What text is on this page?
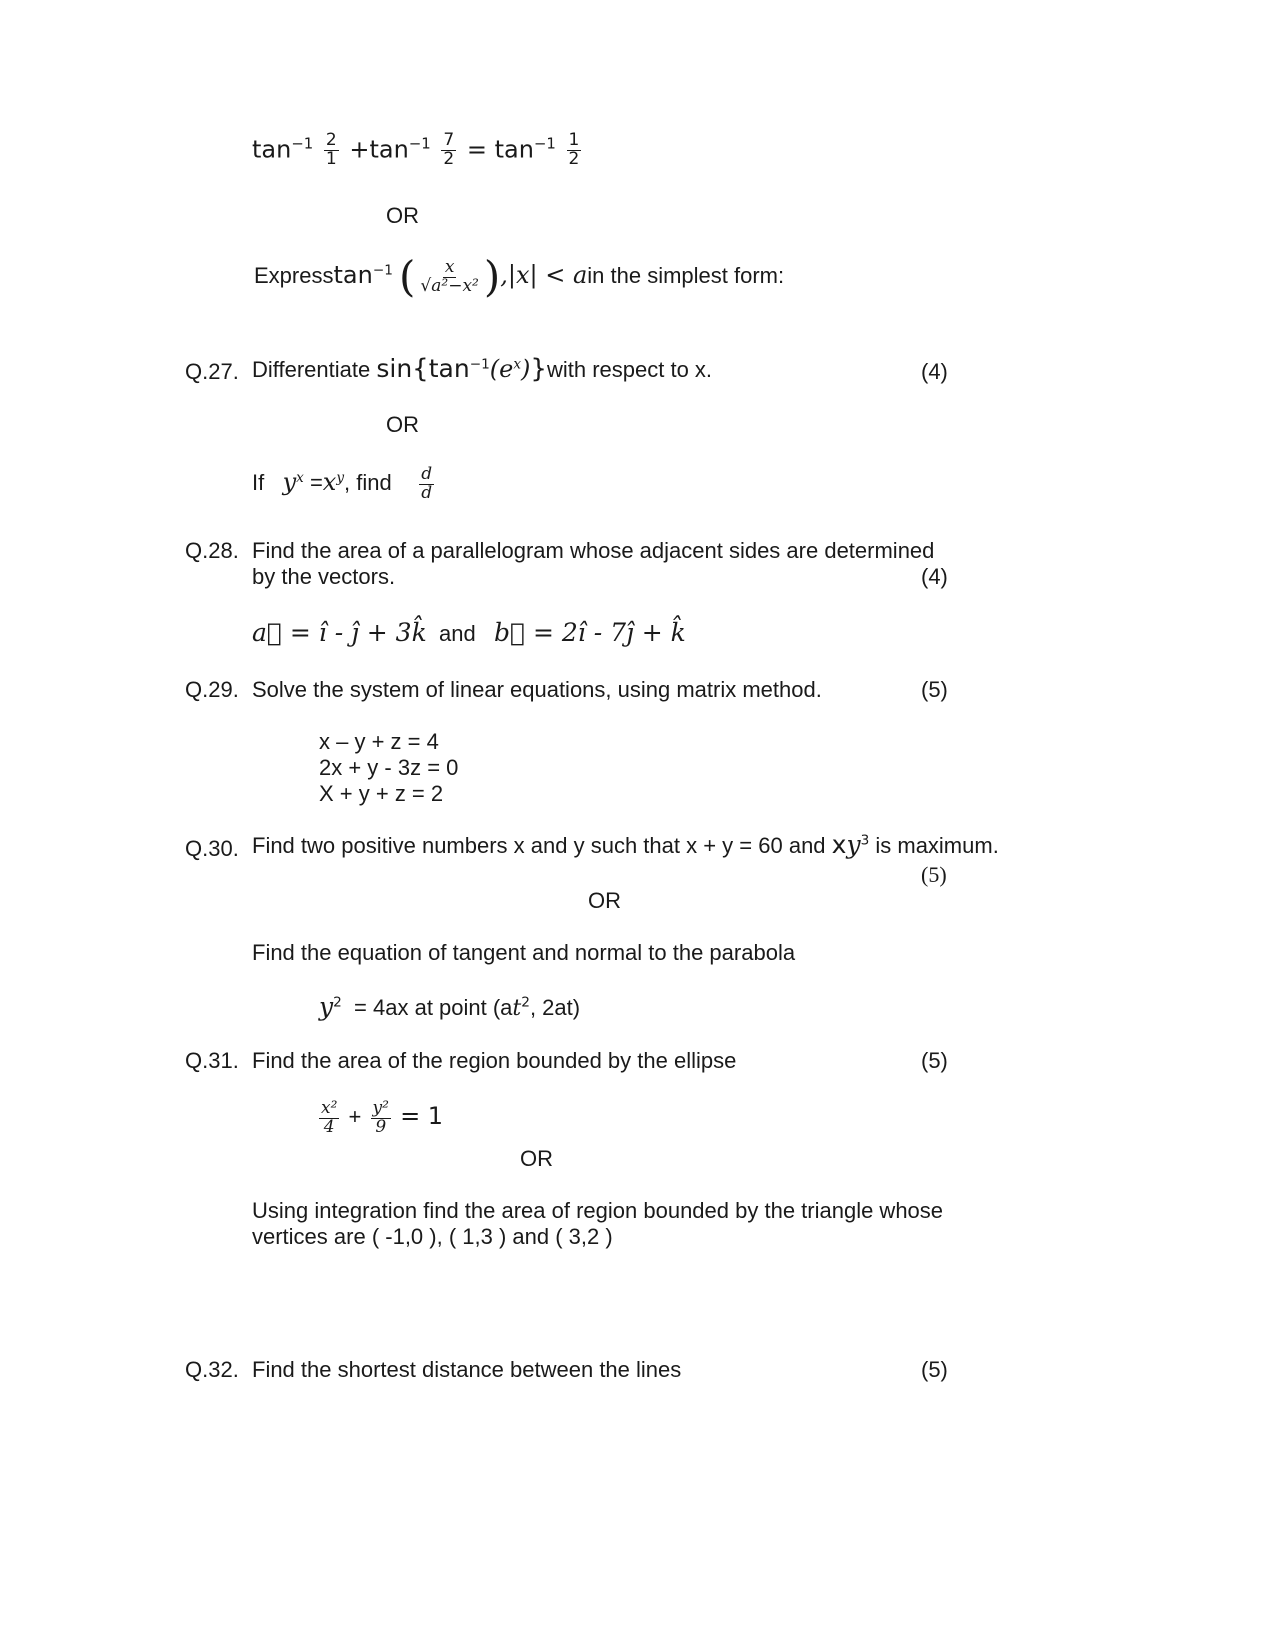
$\tan^{-1} \frac{2}{1} +\tan^{-1} \frac{7}{2} = \tan^{-1} \frac{1}{2}$
OR
Expresstan$^{-1}$ ( $\frac{x}{\text{√a²−x²}} ),|x|$ < ain the simplest form:
Q.27. Differentiate $\sin\{\tan^{-1}(e^x)\}with$ respect to x.	(4)
OR
If $y^x =x^y$, find $\frac{d}{d}$
Q.28. Find the area of a parallelogram whose adjacent sides are determined
by the vectors.	(4)
a⃗ = î - ĵ + 3k̂ and b⃗ = 2î - 7ĵ + k̂
Q.29. Solve the system of linear equations, using matrix method.	(5)
x – y + z = 4
2x + y - 3z = 0
X + y + z = 2
Q.30. Find two positive numbers x and y such that x + y = 60 and $xy^3$ is maximum.
(5)
OR
Find the equation of tangent and normal to the parabola
$y^2 = 4ax$ at point ($at^2$, 2at)
Q.31. Find the area of the region bounded by the ellipse	(5)
$\frac{\text{x²}}{4} + \frac{\text{y²}}{9} = 1$
OR
Using integration find the area of region bounded by the triangle whose
vertices are ( -1,0 ), ( 1,3 ) and ( 3,2 )
Q.32. Find the shortest distance between the lines	(5)
